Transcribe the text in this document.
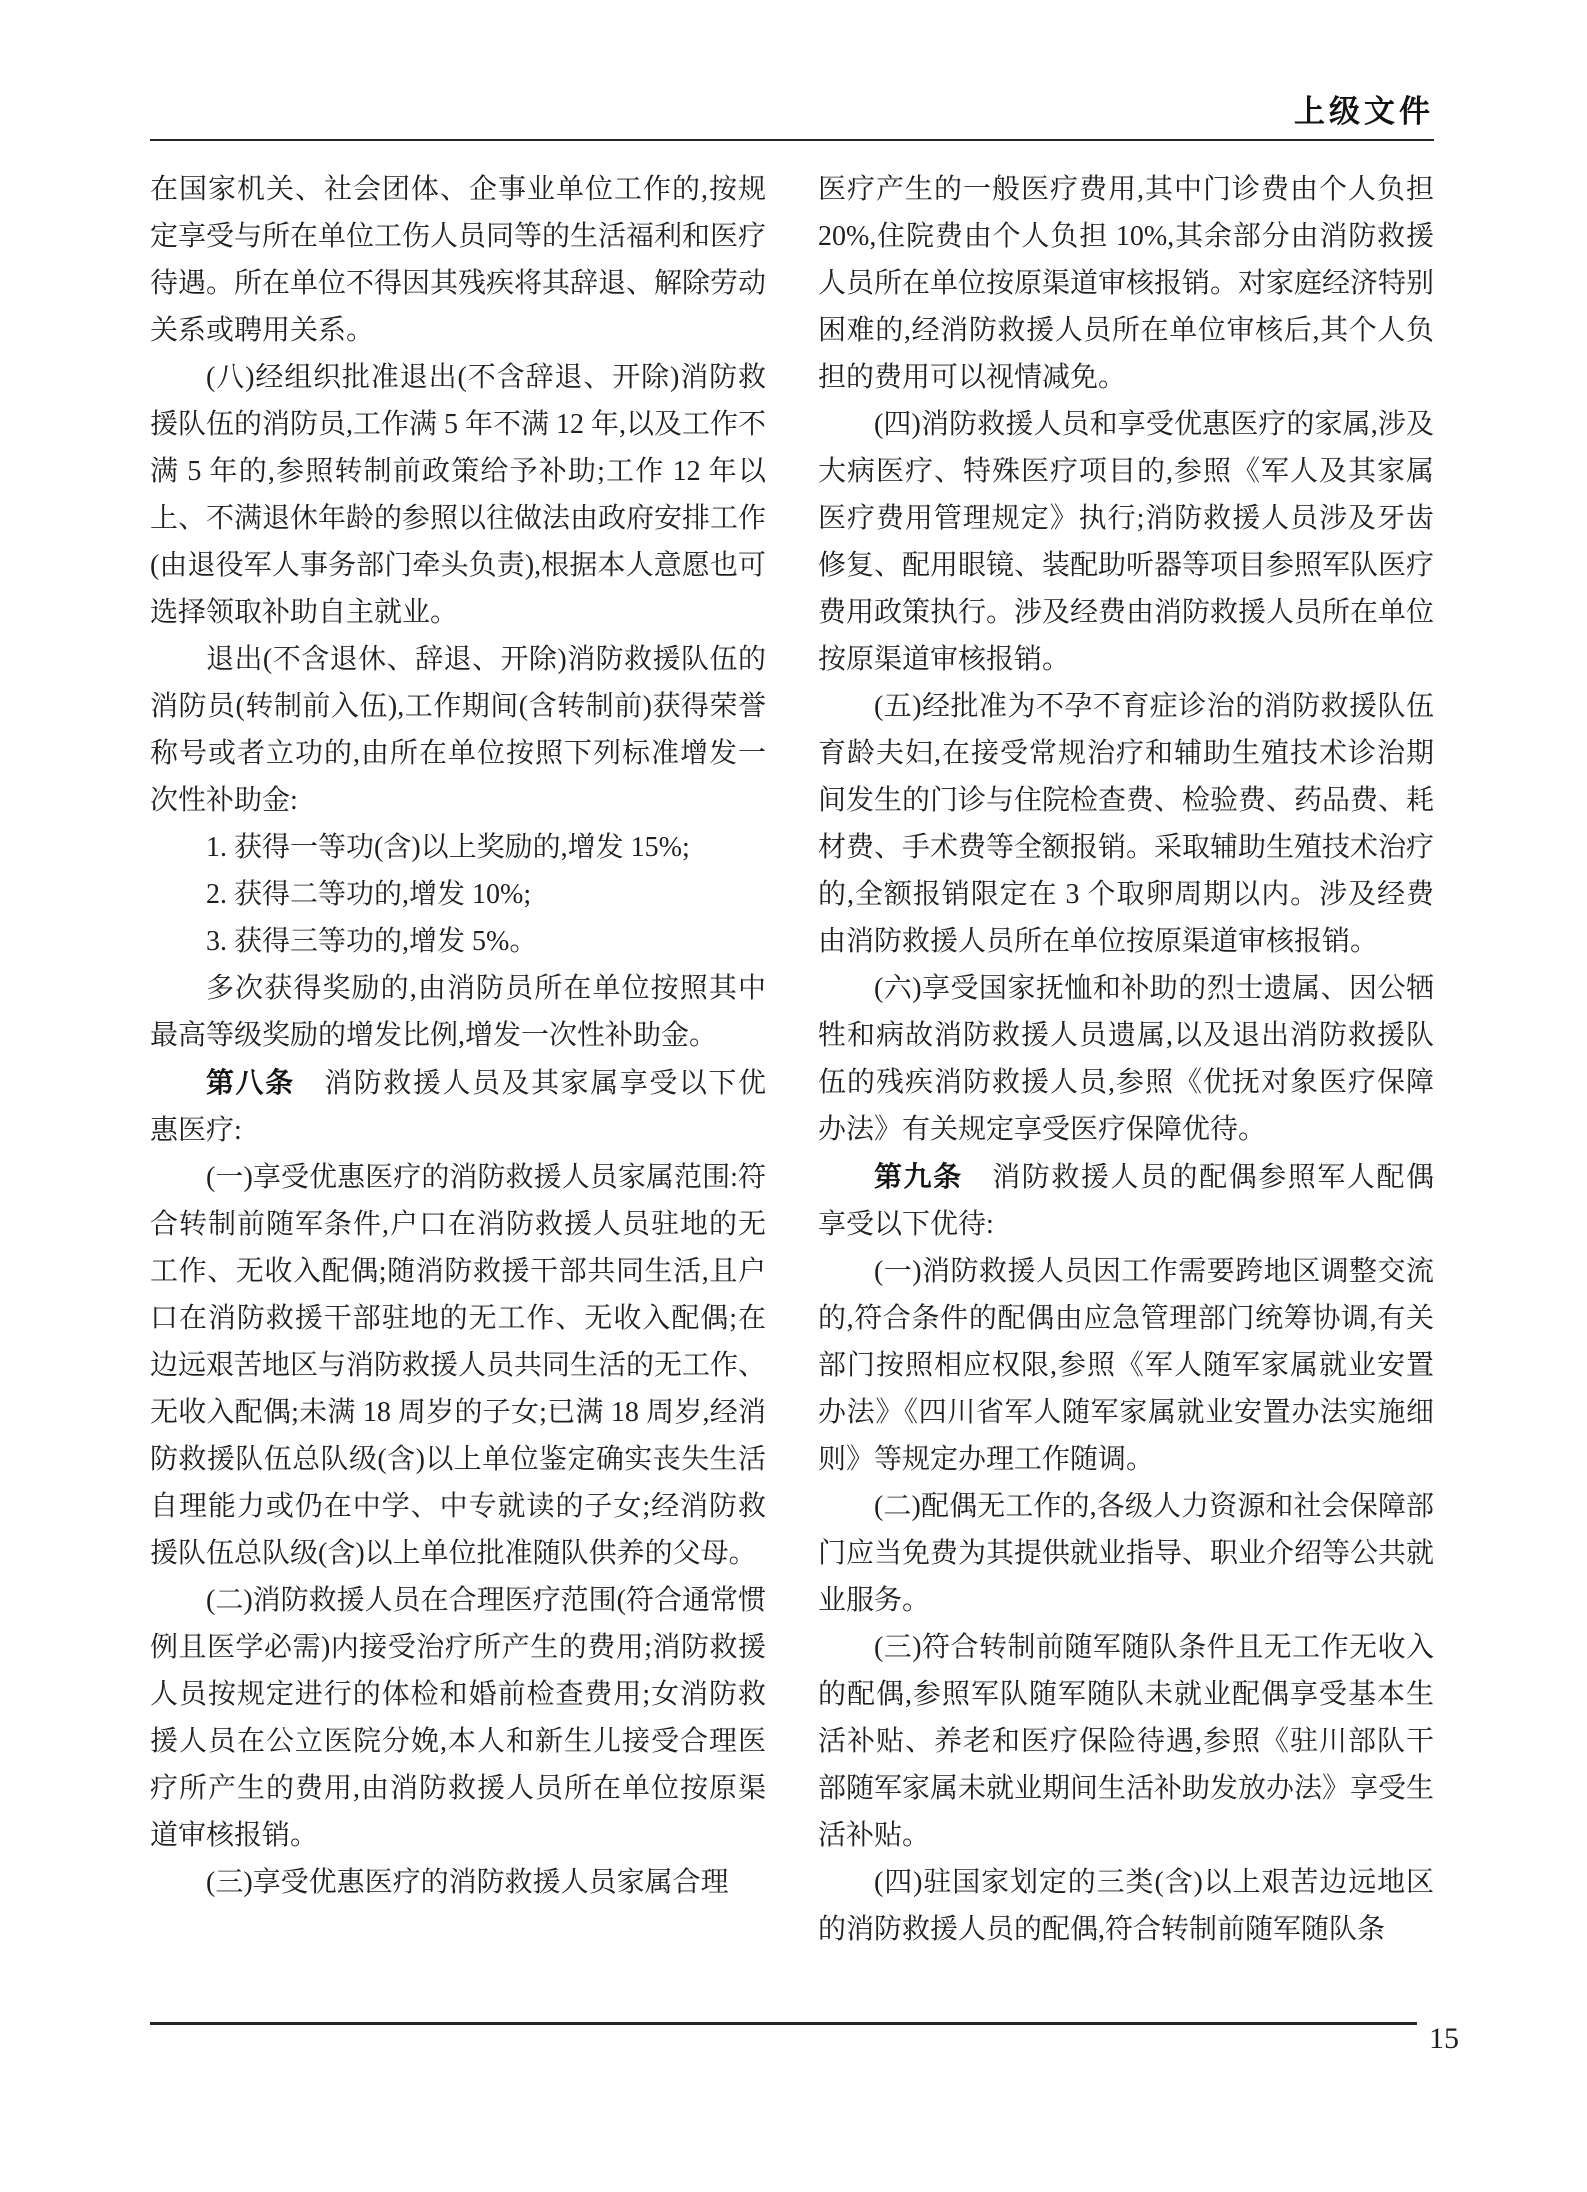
上级文件

在国家机关、社会团体、企事业单位工作的,按规定享受与所在单位工伤人员同等的生活福利和医疗待遇。所在单位不得因其残疾将其辞退、解除劳动关系或聘用关系。

(八)经组织批准退出(不含辞退、开除)消防救援队伍的消防员,工作满 5 年不满 12 年,以及工作不满 5 年的,参照转制前政策给予补助;工作 12 年以上、不满退休年龄的参照以往做法由政府安排工作(由退役军人事务部门牵头负责),根据本人意愿也可选择领取补助自主就业。

退出(不含退休、辞退、开除)消防救援队伍的消防员(转制前入伍),工作期间(含转制前)获得荣誉称号或者立功的,由所在单位按照下列标准增发一次性补助金:

1. 获得一等功(含)以上奖励的,增发 15%;

2. 获得二等功的,增发 10%;

3. 获得三等功的,增发 5%。

多次获得奖励的,由消防员所在单位按照其中最高等级奖励的增发比例,增发一次性补助金。

第八条　消防救援人员及其家属享受以下优惠医疗:

(一)享受优惠医疗的消防救援人员家属范围:符合转制前随军条件,户口在消防救援人员驻地的无工作、无收入配偶;随消防救援干部共同生活,且户口在消防救援干部驻地的无工作、无收入配偶;在边远艰苦地区与消防救援人员共同生活的无工作、无收入配偶;未满 18 周岁的子女;已满 18 周岁,经消防救援队伍总队级(含)以上单位鉴定确实丧失生活自理能力或仍在中学、中专就读的子女;经消防救援队伍总队级(含)以上单位批准随队供养的父母。

(二)消防救援人员在合理医疗范围(符合通常惯例且医学必需)内接受治疗所产生的费用;消防救援人员按规定进行的体检和婚前检查费用;女消防救援人员在公立医院分娩,本人和新生儿接受合理医疗所产生的费用,由消防救援人员所在单位按原渠道审核报销。

(三)享受优惠医疗的消防救援人员家属合理

医疗产生的一般医疗费用,其中门诊费由个人负担 20%,住院费由个人负担 10%,其余部分由消防救援人员所在单位按原渠道审核报销。对家庭经济特别困难的,经消防救援人员所在单位审核后,其个人负担的费用可以视情减免。

(四)消防救援人员和享受优惠医疗的家属,涉及大病医疗、特殊医疗项目的,参照《军人及其家属医疗费用管理规定》执行;消防救援人员涉及牙齿修复、配用眼镜、装配助听器等项目参照军队医疗费用政策执行。涉及经费由消防救援人员所在单位按原渠道审核报销。

(五)经批准为不孕不育症诊治的消防救援队伍育龄夫妇,在接受常规治疗和辅助生殖技术诊治期间发生的门诊与住院检查费、检验费、药品费、耗材费、手术费等全额报销。采取辅助生殖技术治疗的,全额报销限定在 3 个取卵周期以内。涉及经费由消防救援人员所在单位按原渠道审核报销。

(六)享受国家抚恤和补助的烈士遗属、因公牺牲和病故消防救援人员遗属,以及退出消防救援队伍的残疾消防救援人员,参照《优抚对象医疗保障办法》有关规定享受医疗保障优待。

第九条　消防救援人员的配偶参照军人配偶享受以下优待:

(一)消防救援人员因工作需要跨地区调整交流的,符合条件的配偶由应急管理部门统筹协调,有关部门按照相应权限,参照《军人随军家属就业安置办法》《四川省军人随军家属就业安置办法实施细则》等规定办理工作随调。

(二)配偶无工作的,各级人力资源和社会保障部门应当免费为其提供就业指导、职业介绍等公共就业服务。

(三)符合转制前随军随队条件且无工作无收入的配偶,参照军队随军随队未就业配偶享受基本生活补贴、养老和医疗保险待遇,参照《驻川部队干部随军家属未就业期间生活补助发放办法》享受生活补贴。

(四)驻国家划定的三类(含)以上艰苦边远地区的消防救援人员的配偶,符合转制前随军随队条

15
